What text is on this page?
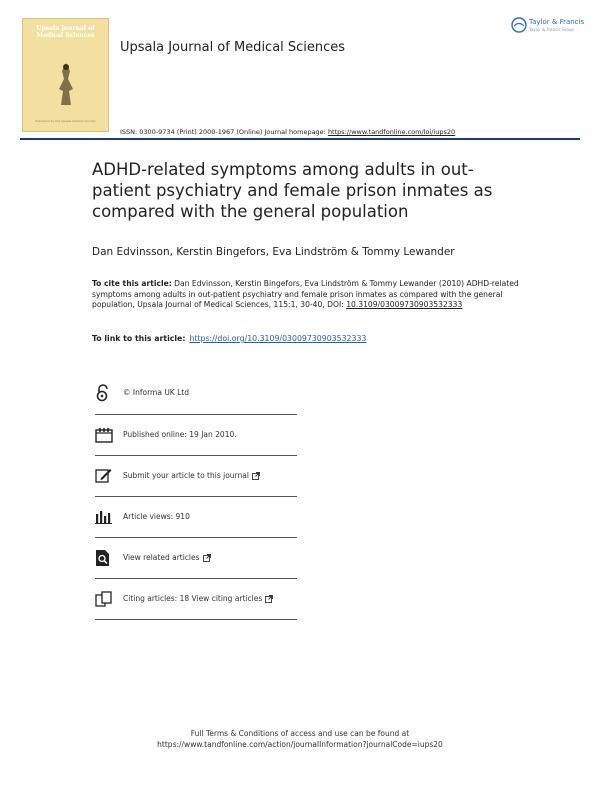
Upsala Journal of Medical Sciences
Published by the Upsala Medical Society
Upsala Journal of Medical Sciences
Taylor & Francis
Taylor & Francis Group
ISSN: 0300-9734 (Print) 2000-1967 (Online) Journal homepage: https://www.tandfonline.com/loi/iups20
ADHD-related symptoms among adults in out-patient psychiatry and female prison inmates as compared with the general population
Dan Edvinsson, Kerstin Bingefors, Eva Lindström & Tommy Lewander
To cite this article: Dan Edvinsson, Kerstin Bingefors, Eva Lindström & Tommy Lewander (2010) ADHD-related symptoms among adults in out-patient psychiatry and female prison inmates as compared with the general population, Upsala Journal of Medical Sciences, 115:1, 30-40, DOI: 10.3109/03009730903532333
To link to this article: https://doi.org/10.3109/03009730903532333
© Informa UK Ltd
Published online: 19 Jan 2010.
Submit your article to this journal
Article views: 910
View related articles
Citing articles: 18 View citing articles
Full Terms & Conditions of access and use can be found at
https://www.tandfonline.com/action/journalInformation?journalCode=iups20
